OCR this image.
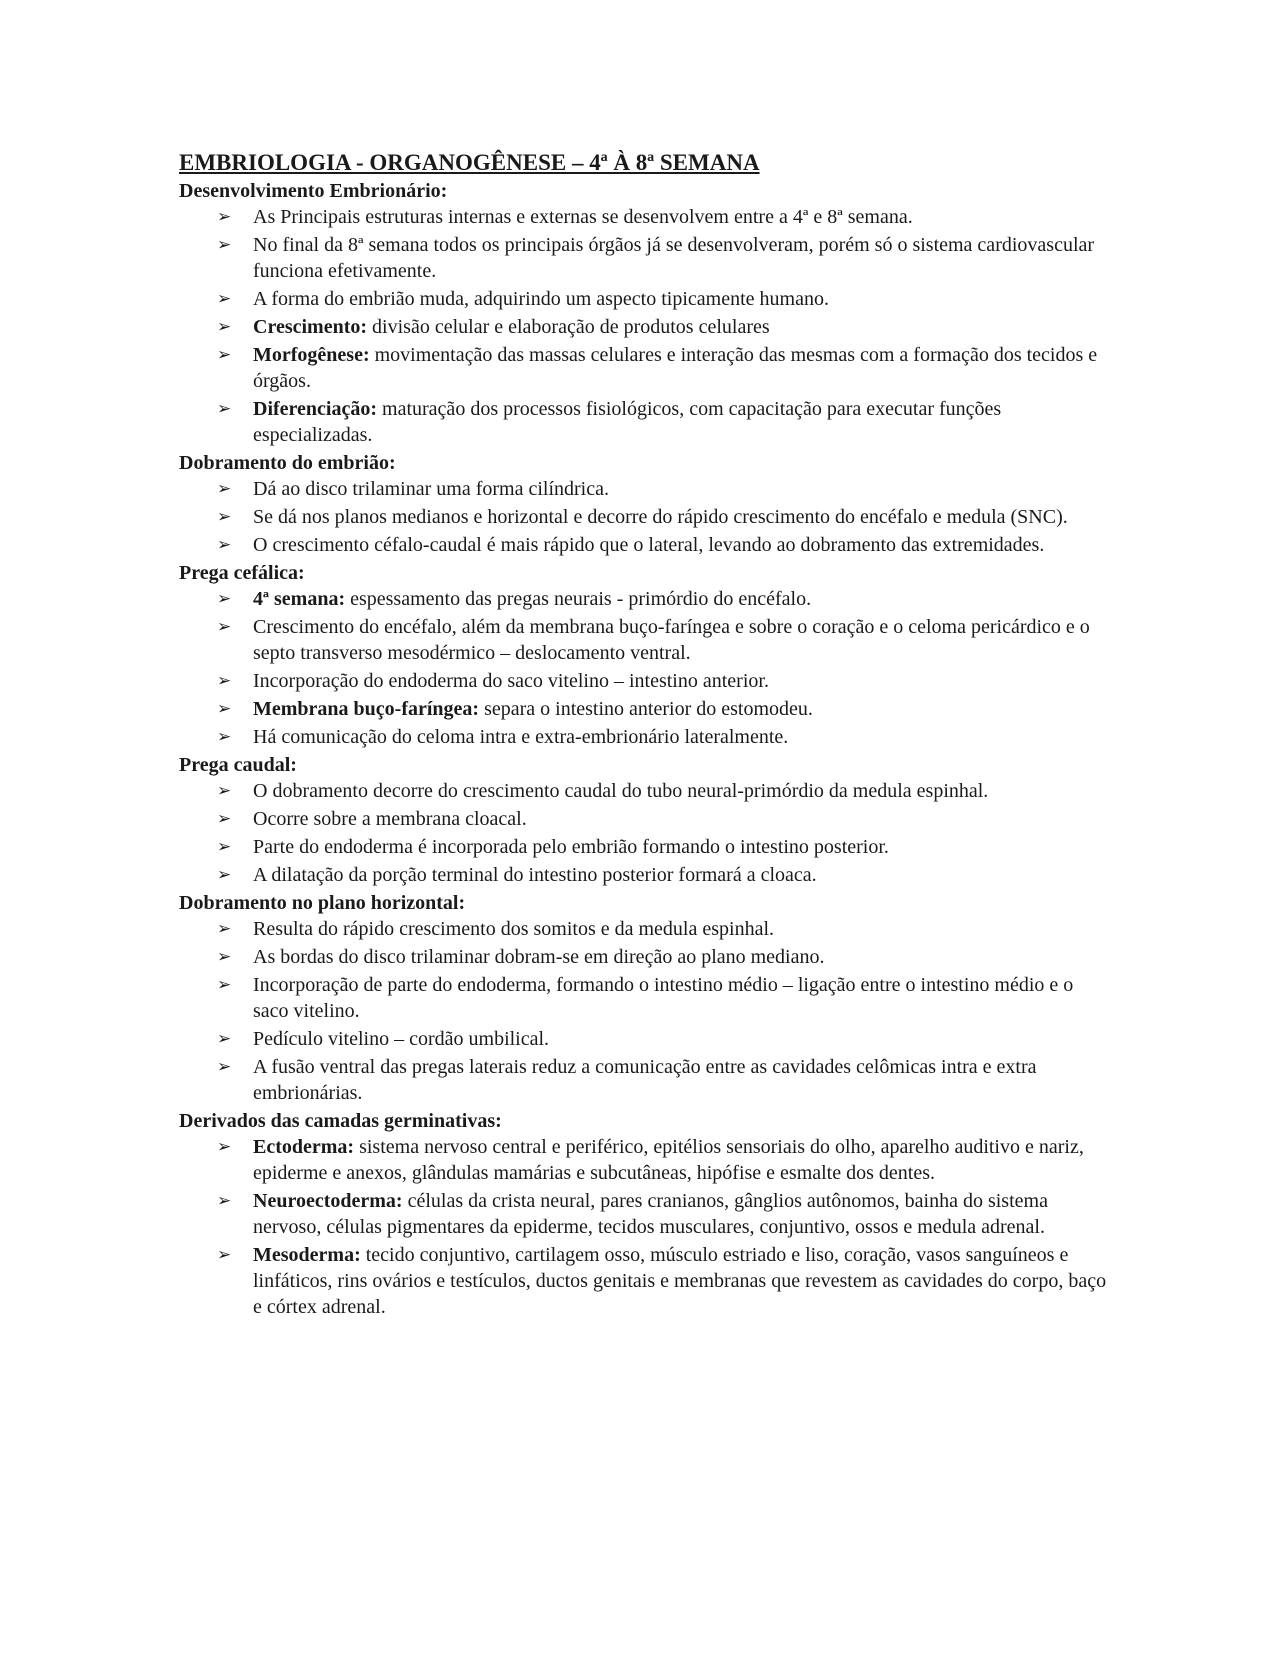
EMBRIOLOGIA - ORGANOGÊNESE – 4ª À 8ª SEMANA
Desenvolvimento Embrionário:
➢ As Principais estruturas internas e externas se desenvolvem entre a 4ª e 8ª semana.
➢ No final da 8ª semana todos os principais órgãos já se desenvolveram, porém só o sistema cardiovascular funciona efetivamente.
➢ A forma do embrião muda, adquirindo um aspecto tipicamente humano.
➢ Crescimento: divisão celular e elaboração de produtos celulares
➢ Morfogênese: movimentação das massas celulares e interação das mesmas com a formação dos tecidos e órgãos.
➢ Diferenciação: maturação dos processos fisiológicos, com capacitação para executar funções especializadas.
Dobramento do embrião:
➢ Dá ao disco trilaminar uma forma cilíndrica.
➢ Se dá nos planos medianos e horizontal e decorre do rápido crescimento do encéfalo e medula (SNC).
➢ O crescimento céfalo-caudal é mais rápido que o lateral, levando ao dobramento das extremidades.
Prega cefálica:
➢ 4ª semana: espessamento das pregas neurais - primórdio do encéfalo.
➢ Crescimento do encéfalo, além da membrana buço-faríngea e sobre o coração e o celoma pericárdico e o septo transverso mesodérmico – deslocamento ventral.
➢ Incorporação do endoderma do saco vitelino – intestino anterior.
➢ Membrana buço-faríngea: separa o intestino anterior do estomodeu.
➢ Há comunicação do celoma intra e extra-embrionário lateralmente.
Prega caudal:
➢ O dobramento decorre do crescimento caudal do tubo neural-primórdio da medula espinhal.
➢ Ocorre sobre a membrana cloacal.
➢ Parte do endoderma é incorporada pelo embrião formando o intestino posterior.
➢ A dilatação da porção terminal do intestino posterior formará a cloaca.
Dobramento no plano horizontal:
➢ Resulta do rápido crescimento dos somitos e da medula espinhal.
➢ As bordas do disco trilaminar dobram-se em direção ao plano mediano.
➢ Incorporação de parte do endoderma, formando o intestino médio – ligação entre o intestino médio e o saco vitelino.
➢ Pedículo vitelino – cordão umbilical.
➢ A fusão ventral das pregas laterais reduz a comunicação entre as cavidades celômicas intra e extra embrionárias.
Derivados das camadas germinativas:
➢ Ectoderma: sistema nervoso central e periférico, epitélios sensoriais do olho, aparelho auditivo e nariz, epiderme e anexos, glândulas mamárias e subcutâneas, hipófise e esmalte dos dentes.
➢ Neuroectoderma: células da crista neural, pares cranianos, gânglios autônomos, bainha do sistema nervoso, células pigmentares da epiderme, tecidos musculares, conjuntivo, ossos e medula adrenal.
➢ Mesoderma: tecido conjuntivo, cartilagem osso, músculo estriado e liso, coração, vasos sanguíneos e linfáticos, rins ovários e testículos, ductos genitais e membranas que revestem as cavidades do corpo, baço e córtex adrenal.
